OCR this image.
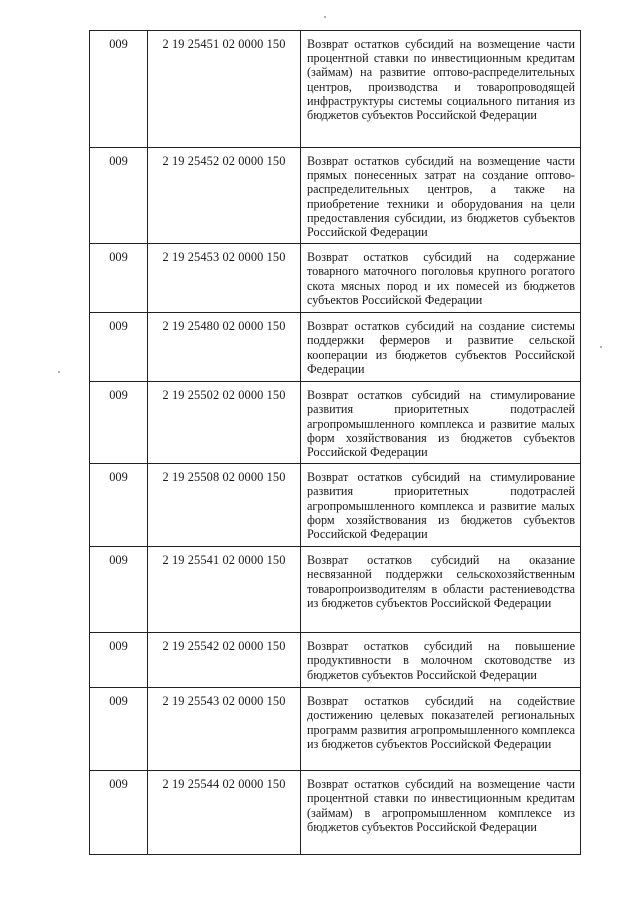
009	2 19 25451 02 0000 150	Возврат остатков субсидий на возмещение части процентной ставки по инвестиционным кредитам (займам) на развитие оптово-распределительных центров, производства и товаропроводящей инфраструктуры системы социального питания из бюджетов субъектов Российской Федерации
009	2 19 25452 02 0000 150	Возврат остатков субсидий на возмещение части прямых понесенных затрат на создание оптово-распределительных центров, а также на приобретение техники и оборудования на цели предоставления субсидии, из бюджетов субъектов Российской Федерации
009	2 19 25453 02 0000 150	Возврат остатков субсидий на содержание товарного маточного поголовья крупного рогатого скота мясных пород и их помесей из бюджетов субъектов Российской Федерации
009	2 19 25480 02 0000 150	Возврат остатков субсидий на создание системы поддержки фермеров и развитие сельской кооперации из бюджетов субъектов Российской Федерации
009	2 19 25502 02 0000 150	Возврат остатков субсидий на стимулирование развития приоритетных подотраслей агропромышленного комплекса и развитие малых форм хозяйствования из бюджетов субъектов Российской Федерации
009	2 19 25508 02 0000 150	Возврат остатков субсидий на стимулирование развития приоритетных подотраслей агропромышленного комплекса и развитие малых форм хозяйствования из бюджетов субъектов Российской Федерации
009	2 19 25541 02 0000 150	Возврат остатков субсидий на оказание несвязанной поддержки сельскохозяйственным товаропроизводителям в области растениеводства из бюджетов субъектов Российской Федерации
009	2 19 25542 02 0000 150	Возврат остатков субсидий на повышение продуктивности в молочном скотоводстве из бюджетов субъектов Российской Федерации
009	2 19 25543 02 0000 150	Возврат остатков субсидий на содействие достижению целевых показателей региональных программ развития агропромышленного комплекса из бюджетов субъектов Российской Федерации
009	2 19 25544 02 0000 150	Возврат остатков субсидий на возмещение части процентной ставки по инвестиционным кредитам (займам) в агропромышленном комплексе из бюджетов субъектов Российской Федерации
